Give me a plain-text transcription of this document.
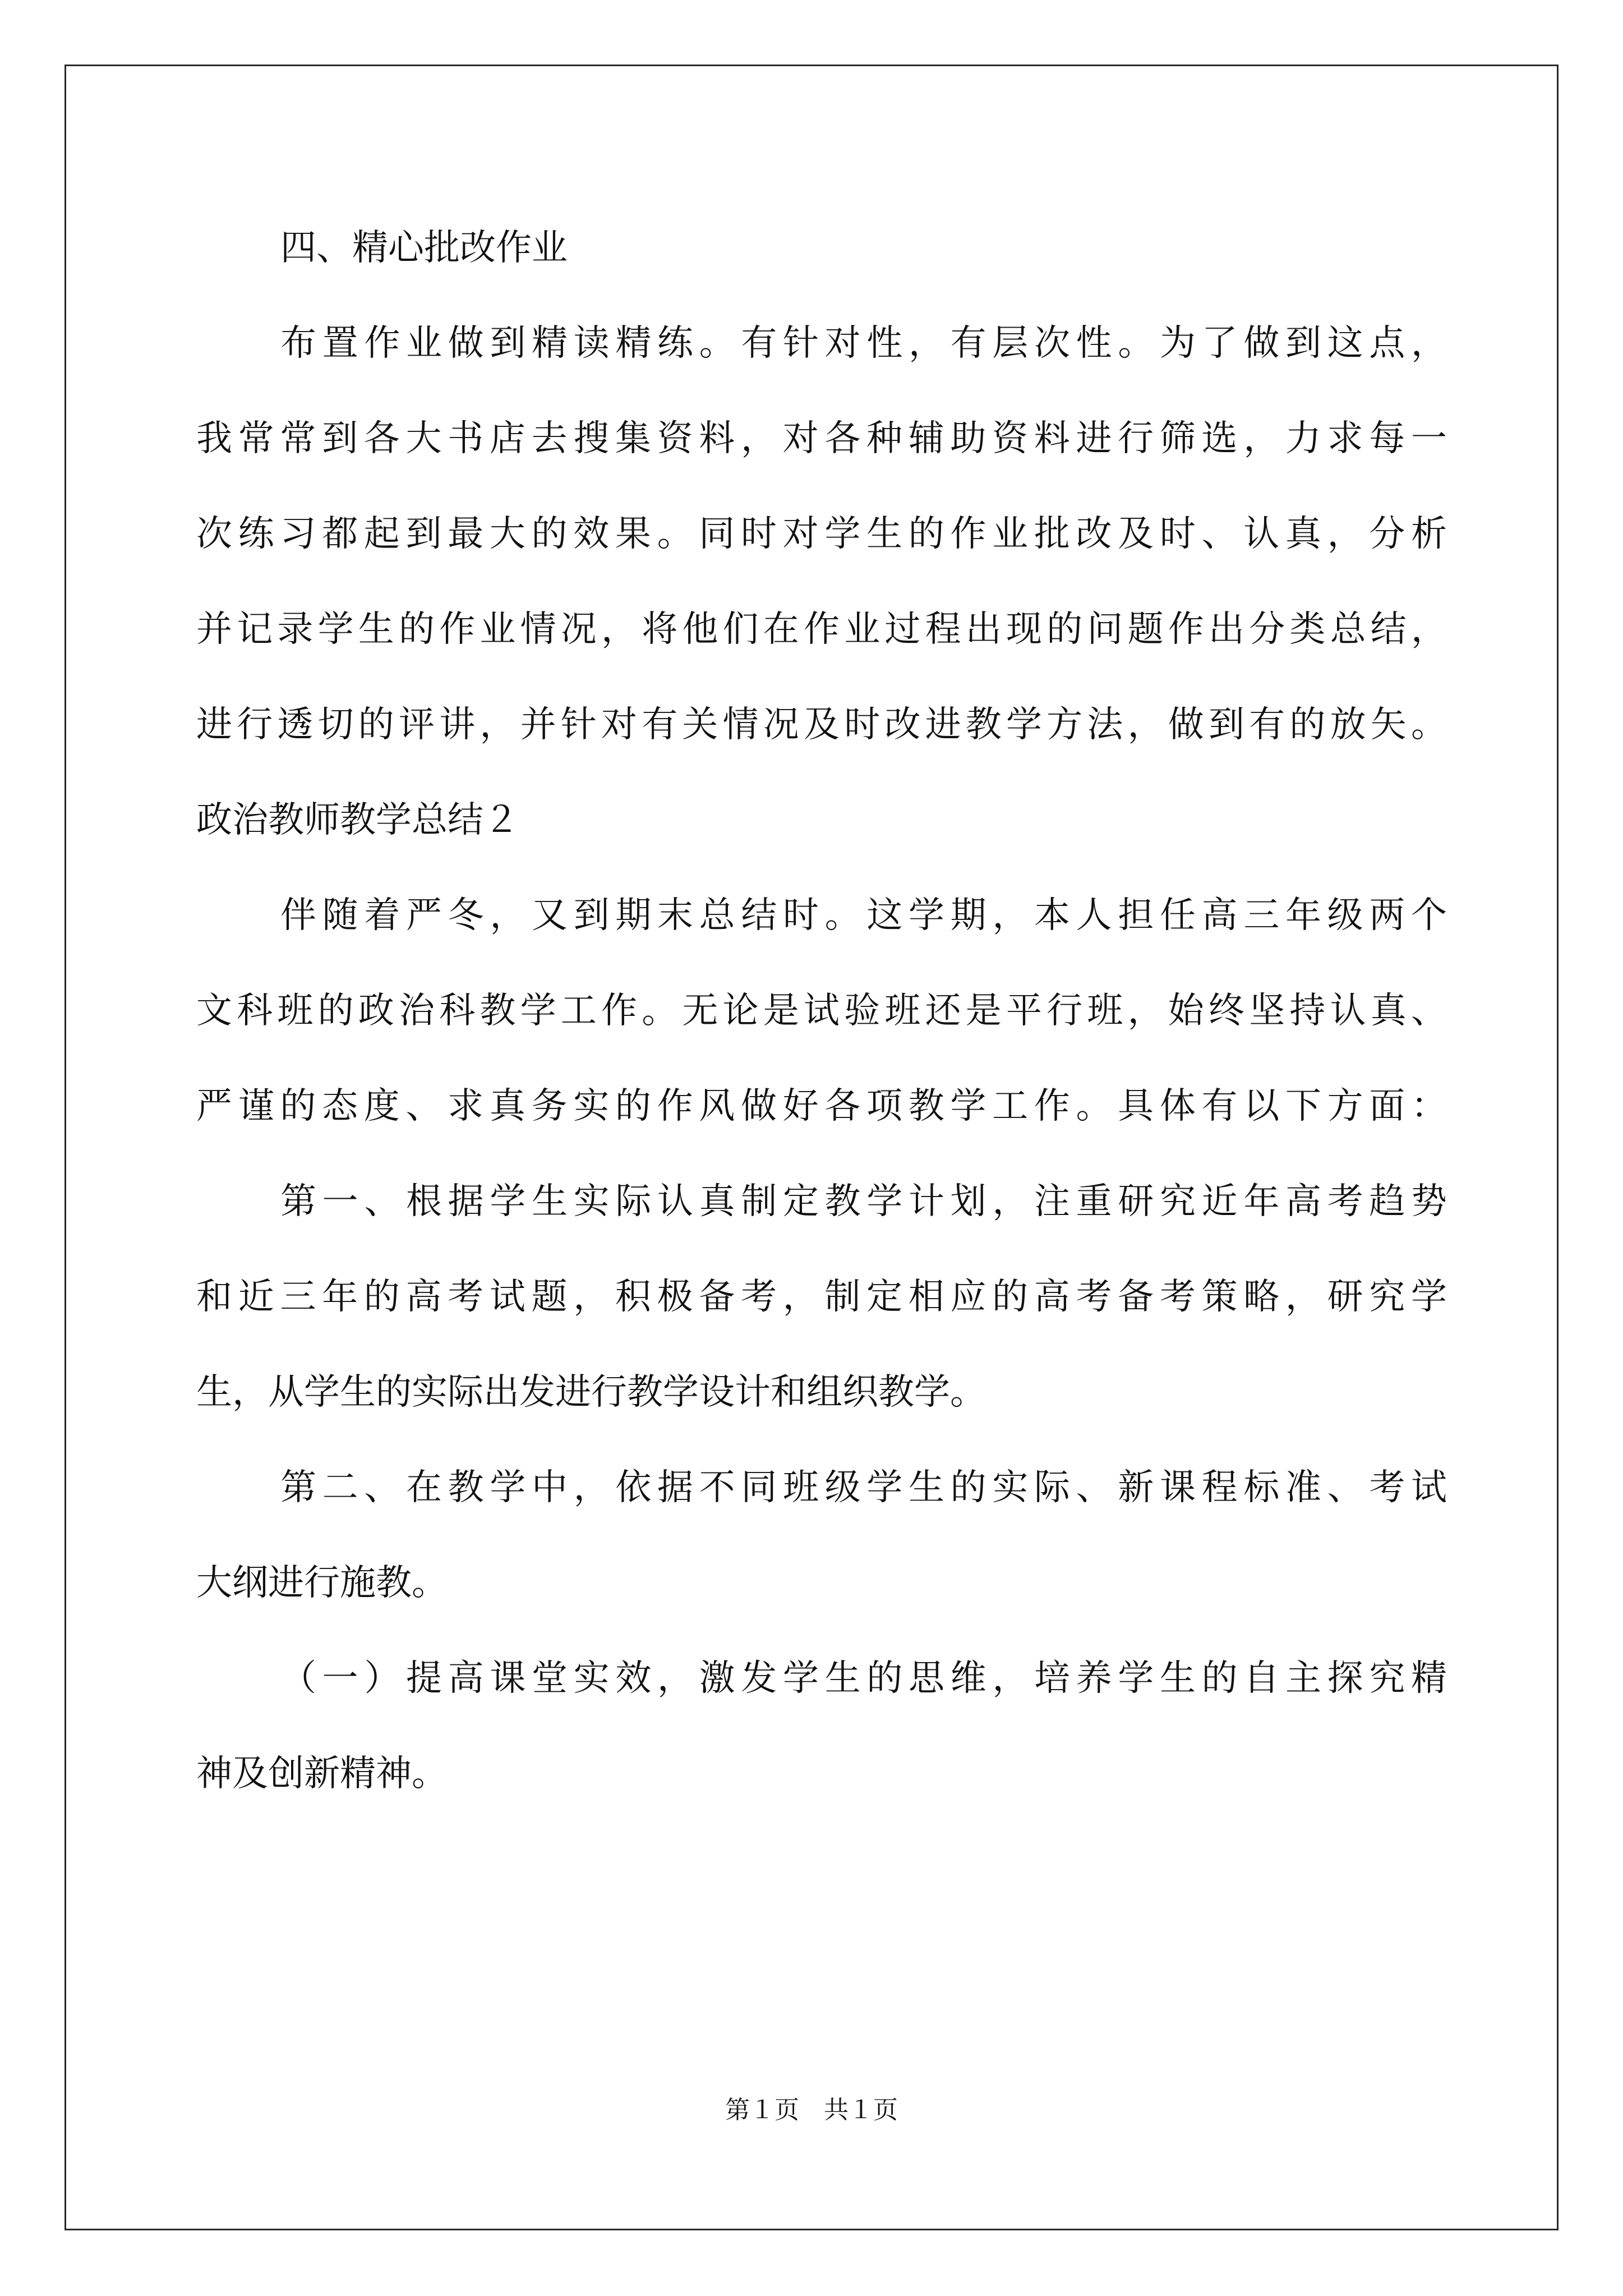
四、精心批改作业
布置作业做到精读精练。有针对性，有层次性。为了做到这点，
我常常到各大书店去搜集资料，对各种辅助资料进行筛选，力求每一
次练习都起到最大的效果。同时对学生的作业批改及时、认真，分析
并记录学生的作业情况，将他们在作业过程出现的问题作出分类总结，
进行透切的评讲，并针对有关情况及时改进教学方法，做到有的放矢。
政治教师教学总结２
伴随着严冬，又到期末总结时。这学期，本人担任高三年级两个
文科班的政治科教学工作。无论是试验班还是平行班，始终坚持认真、
严谨的态度、求真务实的作风做好各项教学工作。具体有以下方面：
第一、根据学生实际认真制定教学计划，注重研究近年高考趋势
和近三年的高考试题，积极备考，制定相应的高考备考策略，研究学
生，从学生的实际出发进行教学设计和组织教学。
第二、在教学中，依据不同班级学生的实际、新课程标准、考试
大纲进行施教。
（一）提高课堂实效，激发学生的思维，培养学生的自主探究精
神及创新精神。
第１页 共１页
